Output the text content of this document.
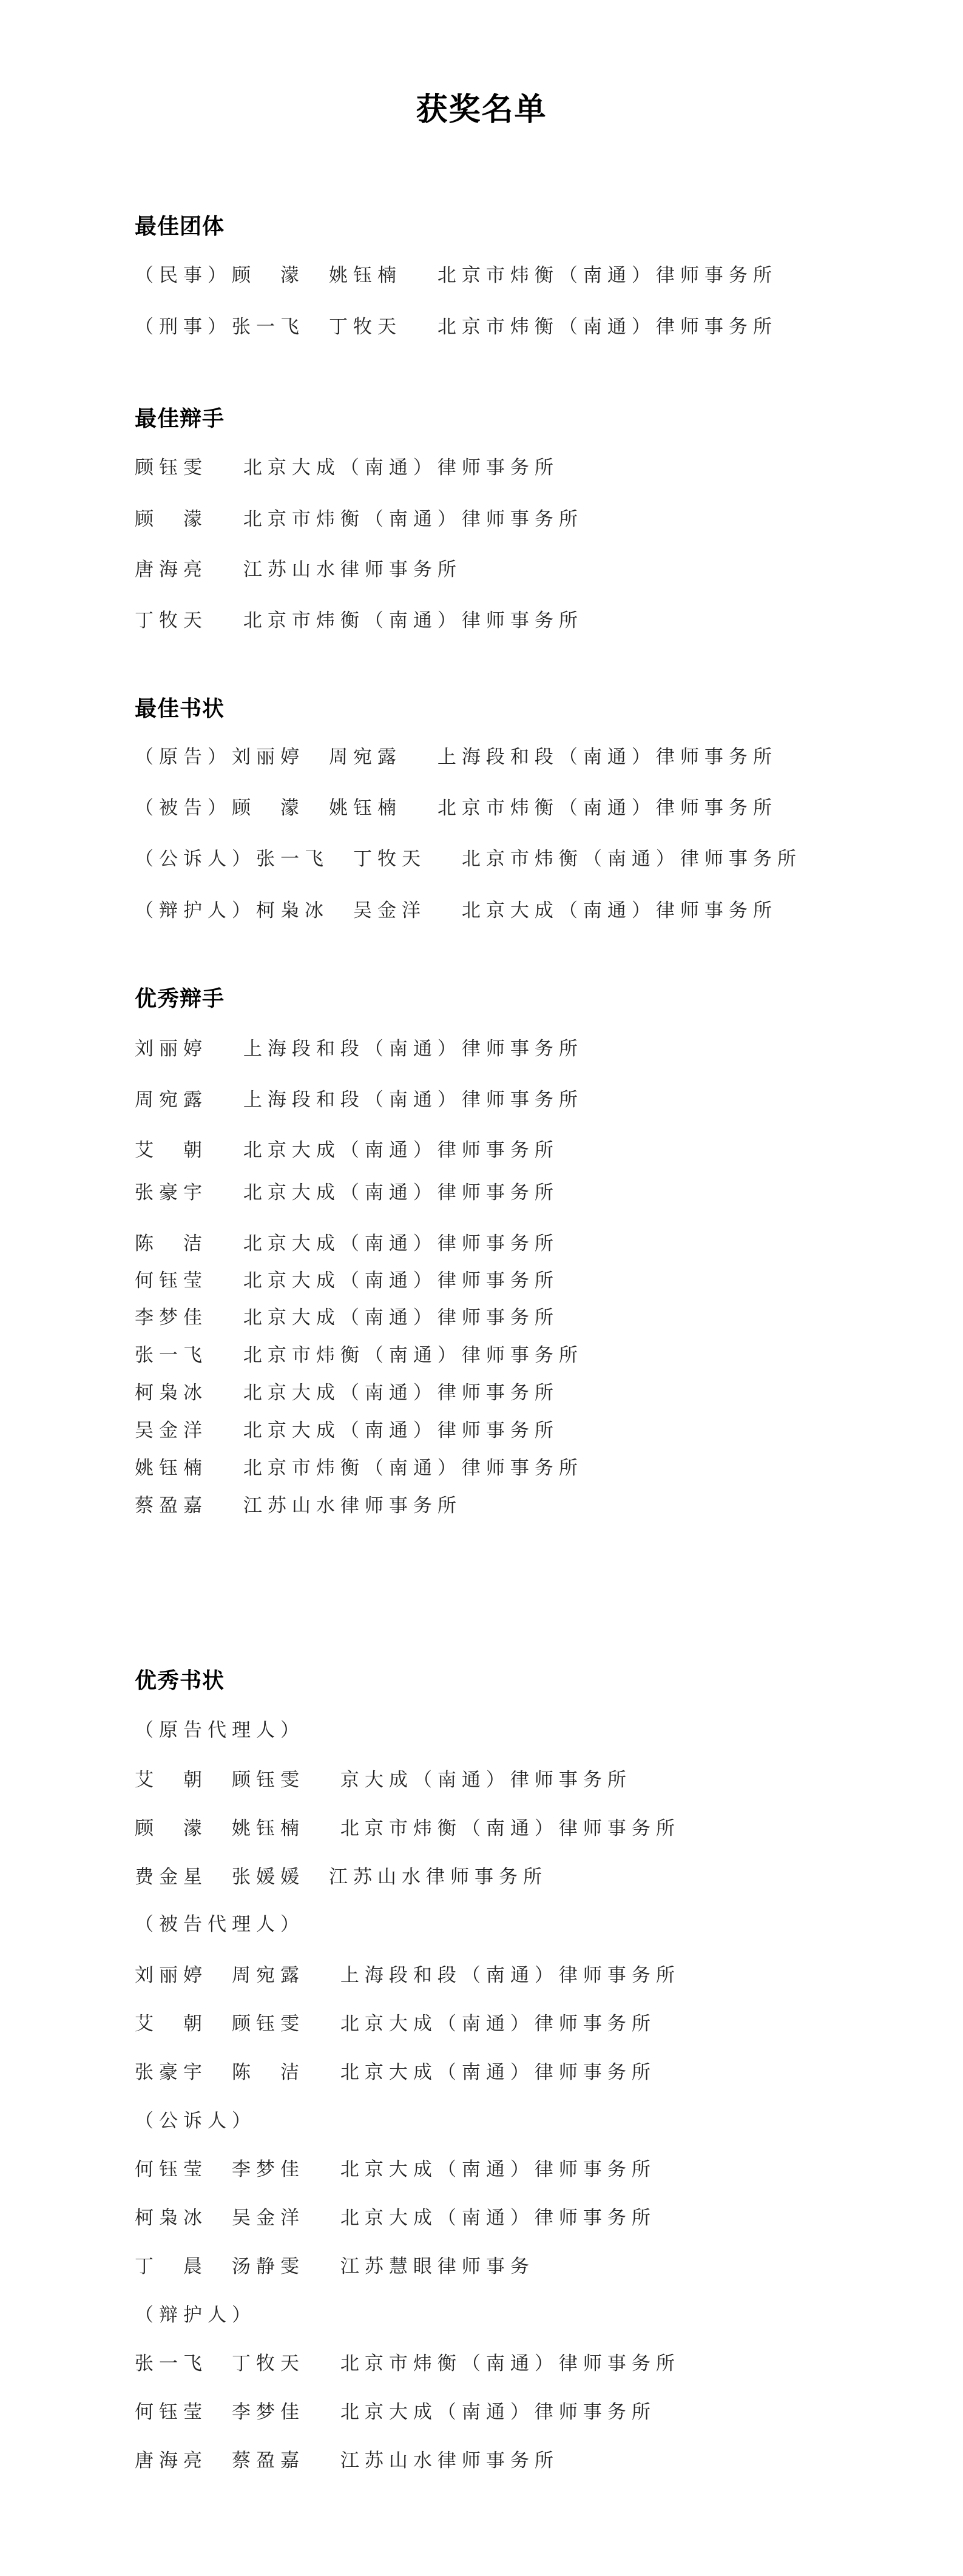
获奖名单
最佳团体
（民事）顾　濛　姚钰楠　 北京市炜衡（南通）律师事务所
（刑事）张一飞　丁牧天　 北京市炜衡（南通）律师事务所
最佳辩手
顾钰雯　 北京大成（南通）律师事务所
顾　濛　 北京市炜衡（南通）律师事务所
唐海亮　 江苏山水律师事务所
丁牧天　 北京市炜衡（南通）律师事务所
最佳书状
（原告）刘丽婷　周宛露　 上海段和段（南通）律师事务所
（被告）顾　濛　姚钰楠　 北京市炜衡（南通）律师事务所
（公诉人）张一飞　丁牧天　 北京市炜衡（南通）律师事务所
（辩护人）柯枭冰　吴金洋　 北京大成（南通）律师事务所
优秀辩手
刘丽婷　 上海段和段（南通）律师事务所
周宛露　 上海段和段（南通）律师事务所
艾　朝　 北京大成（南通）律师事务所
张豪宇　 北京大成（南通）律师事务所
陈　洁　 北京大成（南通）律师事务所
何钰莹　 北京大成（南通）律师事务所
李梦佳　 北京大成（南通）律师事务所
张一飞　 北京市炜衡（南通）律师事务所
柯枭冰　 北京大成（南通）律师事务所
吴金洋　 北京大成（南通）律师事务所
姚钰楠　 北京市炜衡（南通）律师事务所
蔡盈嘉　 江苏山水律师事务所
优秀书状
（原告代理人）
艾　朝　顾钰雯　 京大成（南通）律师事务所
顾　濛　姚钰楠　 北京市炜衡（南通）律师事务所
费金星　张媛媛　江苏山水律师事务所
（被告代理人）
刘丽婷　周宛露　 上海段和段（南通）律师事务所
艾　朝　顾钰雯　 北京大成（南通）律师事务所
张豪宇　陈　洁　 北京大成（南通）律师事务所
（公诉人）
何钰莹　李梦佳　 北京大成（南通）律师事务所
柯枭冰　吴金洋　 北京大成（南通）律师事务所
丁　晨　汤静雯　 江苏慧眼律师事务
（辩护人）
张一飞　丁牧天　 北京市炜衡（南通）律师事务所
何钰莹　李梦佳　 北京大成（南通）律师事务所
唐海亮　蔡盈嘉　 江苏山水律师事务所
